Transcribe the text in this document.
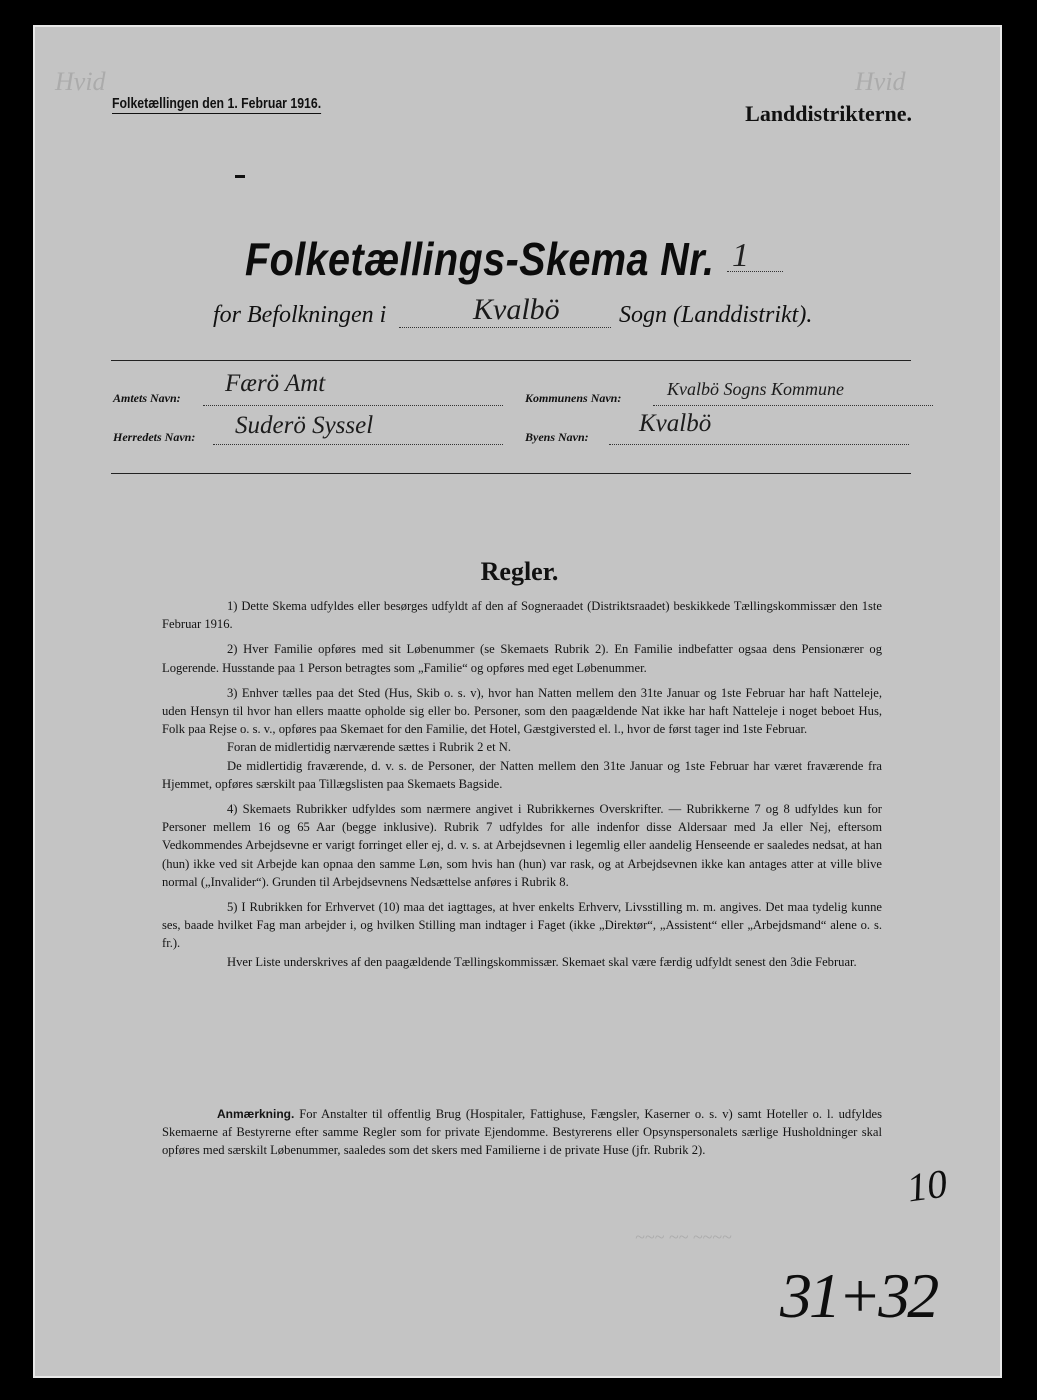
Hvid	Hvid
Folketællingen den 1. Februar 1916.	Landdistrikterne.
Folketællings-Skema Nr. 1
for Befolkningen i	Kvalbö Sogn (Landdistrikt).
Amtets Navn:
Færö Amt
Kommunens Navn:	Kvalbö Sogns Kommune
Herredets Navn: Suderö Syssel	Byens Navn: Kvalbö
Regler.

1) Dette Skema udfyldes eller besørges udfyldt af den af Sogneraadet (Distriktsraadet) beskikkede Tællingskommissær den 1ste Februar 1916.

2) Hver Familie opføres med sit Løbenummer (se Skemaets Rubrik 2). En Familie indbefatter ogsaa dens Pensionærer og Logerende. Husstande paa 1 Person betragtes som „Familie“ og opføres med eget Løbenummer.

3) Enhver tælles paa det Sted (Hus, Skib o. s. v), hvor han Natten mellem den 31te Januar og 1ste Februar har haft Natteleje, uden Hensyn til hvor han ellers maatte opholde sig eller bo. Personer, som den paagældende Nat ikke har haft Natteleje i noget beboet Hus, Folk paa Rejse o. s. v., opføres paa Skemaet for den Familie, det Hotel, Gæstgiversted el. l., hvor de først tager ind 1ste Februar.

Foran de midlertidig nærværende sættes i Rubrik 2 et N.

De midlertidig fraværende, d. v. s. de Personer, der Natten mellem den 31te Januar og 1ste Februar har været fraværende fra Hjemmet, opføres særskilt paa Tillægslisten paa Skemaets Bagside.

4) Skemaets Rubrikker udfyldes som nærmere angivet i Rubrikkernes Overskrifter. — Rubrikkerne 7 og 8 udfyldes kun for Personer mellem 16 og 65 Aar (begge inklusive). Rubrik 7 udfyldes for alle indenfor disse Aldersaar med Ja eller Nej, eftersom Vedkommendes Arbejdsevne er varigt forringet eller ej, d. v. s. at Arbejdsevnen i legemlig eller aandelig Henseende er saaledes nedsat, at han (hun) ikke ved sit Arbejde kan opnaa den samme Løn, som hvis han (hun) var rask, og at Arbejdsevnen ikke kan antages atter at ville blive normal („Invalider“). Grunden til Arbejdsevnens Nedsættelse anføres i Rubrik 8.

5) I Rubrikken for Erhvervet (10) maa det iagttages, at hver enkelts Erhverv, Livsstilling m. m. angives. Det maa tydelig kunne ses, baade hvilket Fag man arbejder i, og hvilken Stilling man indtager i Faget (ikke „Direktør“, „Assistent“ eller „Arbejdsmand“ alene o. s. fr.).

Hver Liste underskrives af den paagældende Tællingskommissær. Skemaet skal være færdig udfyldt senest den 3die Februar.

Anmærkning. For Anstalter til offentlig Brug (Hospitaler, Fattighuse, Fængsler, Kaserner o. s. v) samt Hoteller o. l. udfyldes Skemaerne af Bestyrerne efter samme Regler som for private Ejendomme. Bestyrerens eller Opsynspersonalets særlige Husholdninger skal opføres med særskilt Løbenummer, saaledes som det skers med Familierne i de private Huse (jfr. Rubrik 2).

10
31+32
~~~ ~~ ~~~~
